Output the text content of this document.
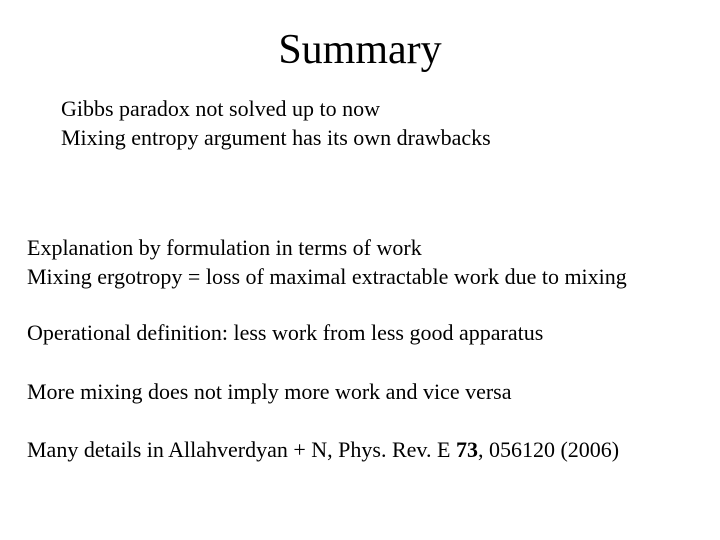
Summary
Gibbs paradox not solved up to now
Mixing entropy argument has its own drawbacks
Explanation by formulation in terms of work
Mixing ergotropy = loss of maximal extractable work due to mixing
Operational definition: less work from less good apparatus
More mixing does not imply more work and vice versa
Many details in Allahverdyan + N, Phys. Rev. E 73, 056120 (2006)
